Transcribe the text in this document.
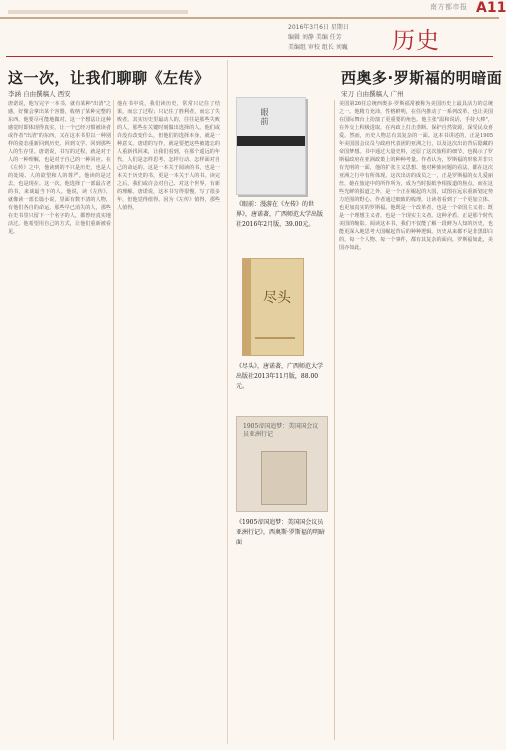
南方都市报 A11
2016年3月6日 星期日
编辑 刘静 美编 任芳
美编组 审校 组长 刘巍 历史
这一次，让我们聊聊《左传》
李涵 自由撰稿人 西安
唐诺说，他写完字一本书，就有某种"出清"之感，好像会拿出某个容器，收纳了某种完整的东西，他要尽可能地做对。这一个想法让这种感觉时即体现得真实，让一个已经习惯被读者或作者"出清"的东西，又在这本书里以一种别样的姿态重新回到历史、回到文学、回到那些人的生存里。唐诺说，书写的过程，就是对于人的一种理解，也是对于自己的一种回应。在《左传》之中，他读到的不只是历史，也是人的处境、人的欲望和人的尊严。他读的是过去，也是现在。这一次，他选择了一部最古老的书，来谈最当下的人。他说，读《左传》，就像读一部长篇小说，里面有数不清的人物，有他们各自的命运。那些早已消失的人，那些在史书里只留下一个名字的人，都曾经真实地活过。他希望用自己的方式，让他们重新被看见。
他在书中说，我们读历史，常常只记住了结果，而忘了过程；只记住了胜利者，而忘了失败者。其实历史里最动人的，往往是那些失败的人，那些在关键时刻做出选择的人。他们或许没有改变什么，但他们的选择本身，就是一种意义。唐诺的写作，就是要把这些被遗忘的人重新找回来，让我们看到，在那个遥远的年代，人们是怎样思考、怎样行动、怎样面对自己的命运的。这是一本关于阅读的书，也是一本关于历史的书，更是一本关于人的书。读完之后，我们或许会对自己、对这个世界，有新的理解。唐诺说，这本书写得很慢，写了很多年，但他觉得值得。因为《左传》值得，那些人值得。
眼前
《眼前：漫游在《左传》的世界》，唐诺著，广西师范大学出版社2016年2月版，39.00元。
尽头
《尽头》，唐诺著，广西师范大学出版社2013年11月版，88.00元。
1905帝国追梦：美国国会议员亚洲行记
《1905帝国追梦：美国国会议员亚洲行记》，西奥斯·罗斯福的明暗面
西奥多·罗斯福的明暗面
宋刀 自由撰稿人 广州
美国第26任总统西奥多·罗斯福常被称为美国历史上最具活力的总统之一。他精力充沛，性格鲜明，在任内推动了一系列改革，也让美国在国际舞台上扮演了更重要的角色。他主张"温和说话，手持大棒"，在外交上积极进取，在内政上打击垄断、保护自然资源，深受民众喜爱。然而，历史人物总有其复杂的一面。这本书讲述的，正是1905年美国国会议员与政府代表团的亚洲之行，以及这次出访背后隐藏的帝国梦想。书中通过大量史料，还原了这次旅程的细节，也揭示了罗斯福政府在亚洲政策上的种种考量。作者认为，罗斯福的形象并非只有光明的一面，他的扩张主义思想、他对种族问题的看法，都在这次亚洲之行中有所体现。这次出访的成员之一，正是罗斯福的女儿爱丽丝，她在旅途中的所作所为，成为当时报纸争相报道的焦点。而在这些光鲜的报道之外，是一个正在崛起的大国，试图在远东重新划定势力范围的野心。作者通过细致的梳理，让读者看到了一个更加立体、也更加真实的罗斯福。他既是一个改革者，也是一个帝国主义者；既是一个理想主义者，也是一个现实主义者。这种矛盾，正是那个时代美国的缩影。阅读这本书，我们不仅能了解一段鲜为人知的历史，也能更深入地思考大国崛起背后的种种逻辑。历史从来都不是非黑即白的，每一个人物、每一个事件，都有其复杂的面向。罗斯福如此，美国亦如此。
